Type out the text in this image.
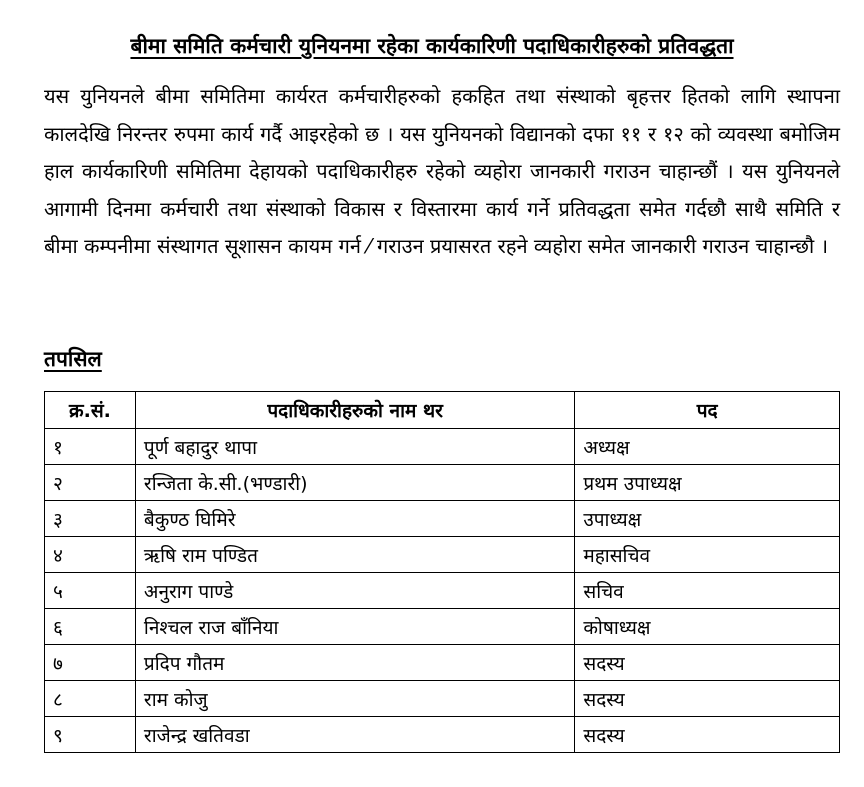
बीमा समिति कर्मचारी युनियनमा रहेका कार्यकारिणी पदाधिकारीहरुको प्रतिवद्धता

यस युनियनले बीमा समितिमा कार्यरत कर्मचारीहरुको हकहित तथा संस्थाको बृहत्तर हितको लागि स्थापना कालदेखि निरन्तर रुपमा कार्य गर्दै आइरहेको छ । यस युनियनको विद्यानको दफा ११ र १२ को व्यवस्था बमोजिम हाल कार्यकारिणी समितिमा देहायको पदाधिकारीहरु रहेको व्यहोरा जानकारी गराउन चाहान्छौं । यस युनियनले आगामी दिनमा कर्मचारी तथा संस्थाको विकास र विस्तारमा कार्य गर्ने प्रतिवद्धता समेत गर्दछौ साथै समिति र बीमा कम्पनीमा संस्थागत सूशासन कायम गर्न ⁄ गराउन प्रयासरत रहने व्यहोरा समेत जानकारी गराउन चाहान्छौ ।

तपसिल
क्र.सं.	पदाधिकारीहरुको नाम थर	पद
१	पूर्ण बहादुर थापा	अध्यक्ष
२	रन्जिता के.सी.(भण्डारी)	प्रथम उपाध्यक्ष
३	बैकुण्ठ घिमिरे	उपाध्यक्ष
४	ऋषि राम पण्डित	महासचिव
५	अनुराग पाण्डे	सचिव
६	निश्चल राज बाँनिया	कोषाध्यक्ष
७	प्रदिप गौतम	सदस्य
८	राम कोजु	सदस्य
९	राजेन्द्र खतिवडा	सदस्य
